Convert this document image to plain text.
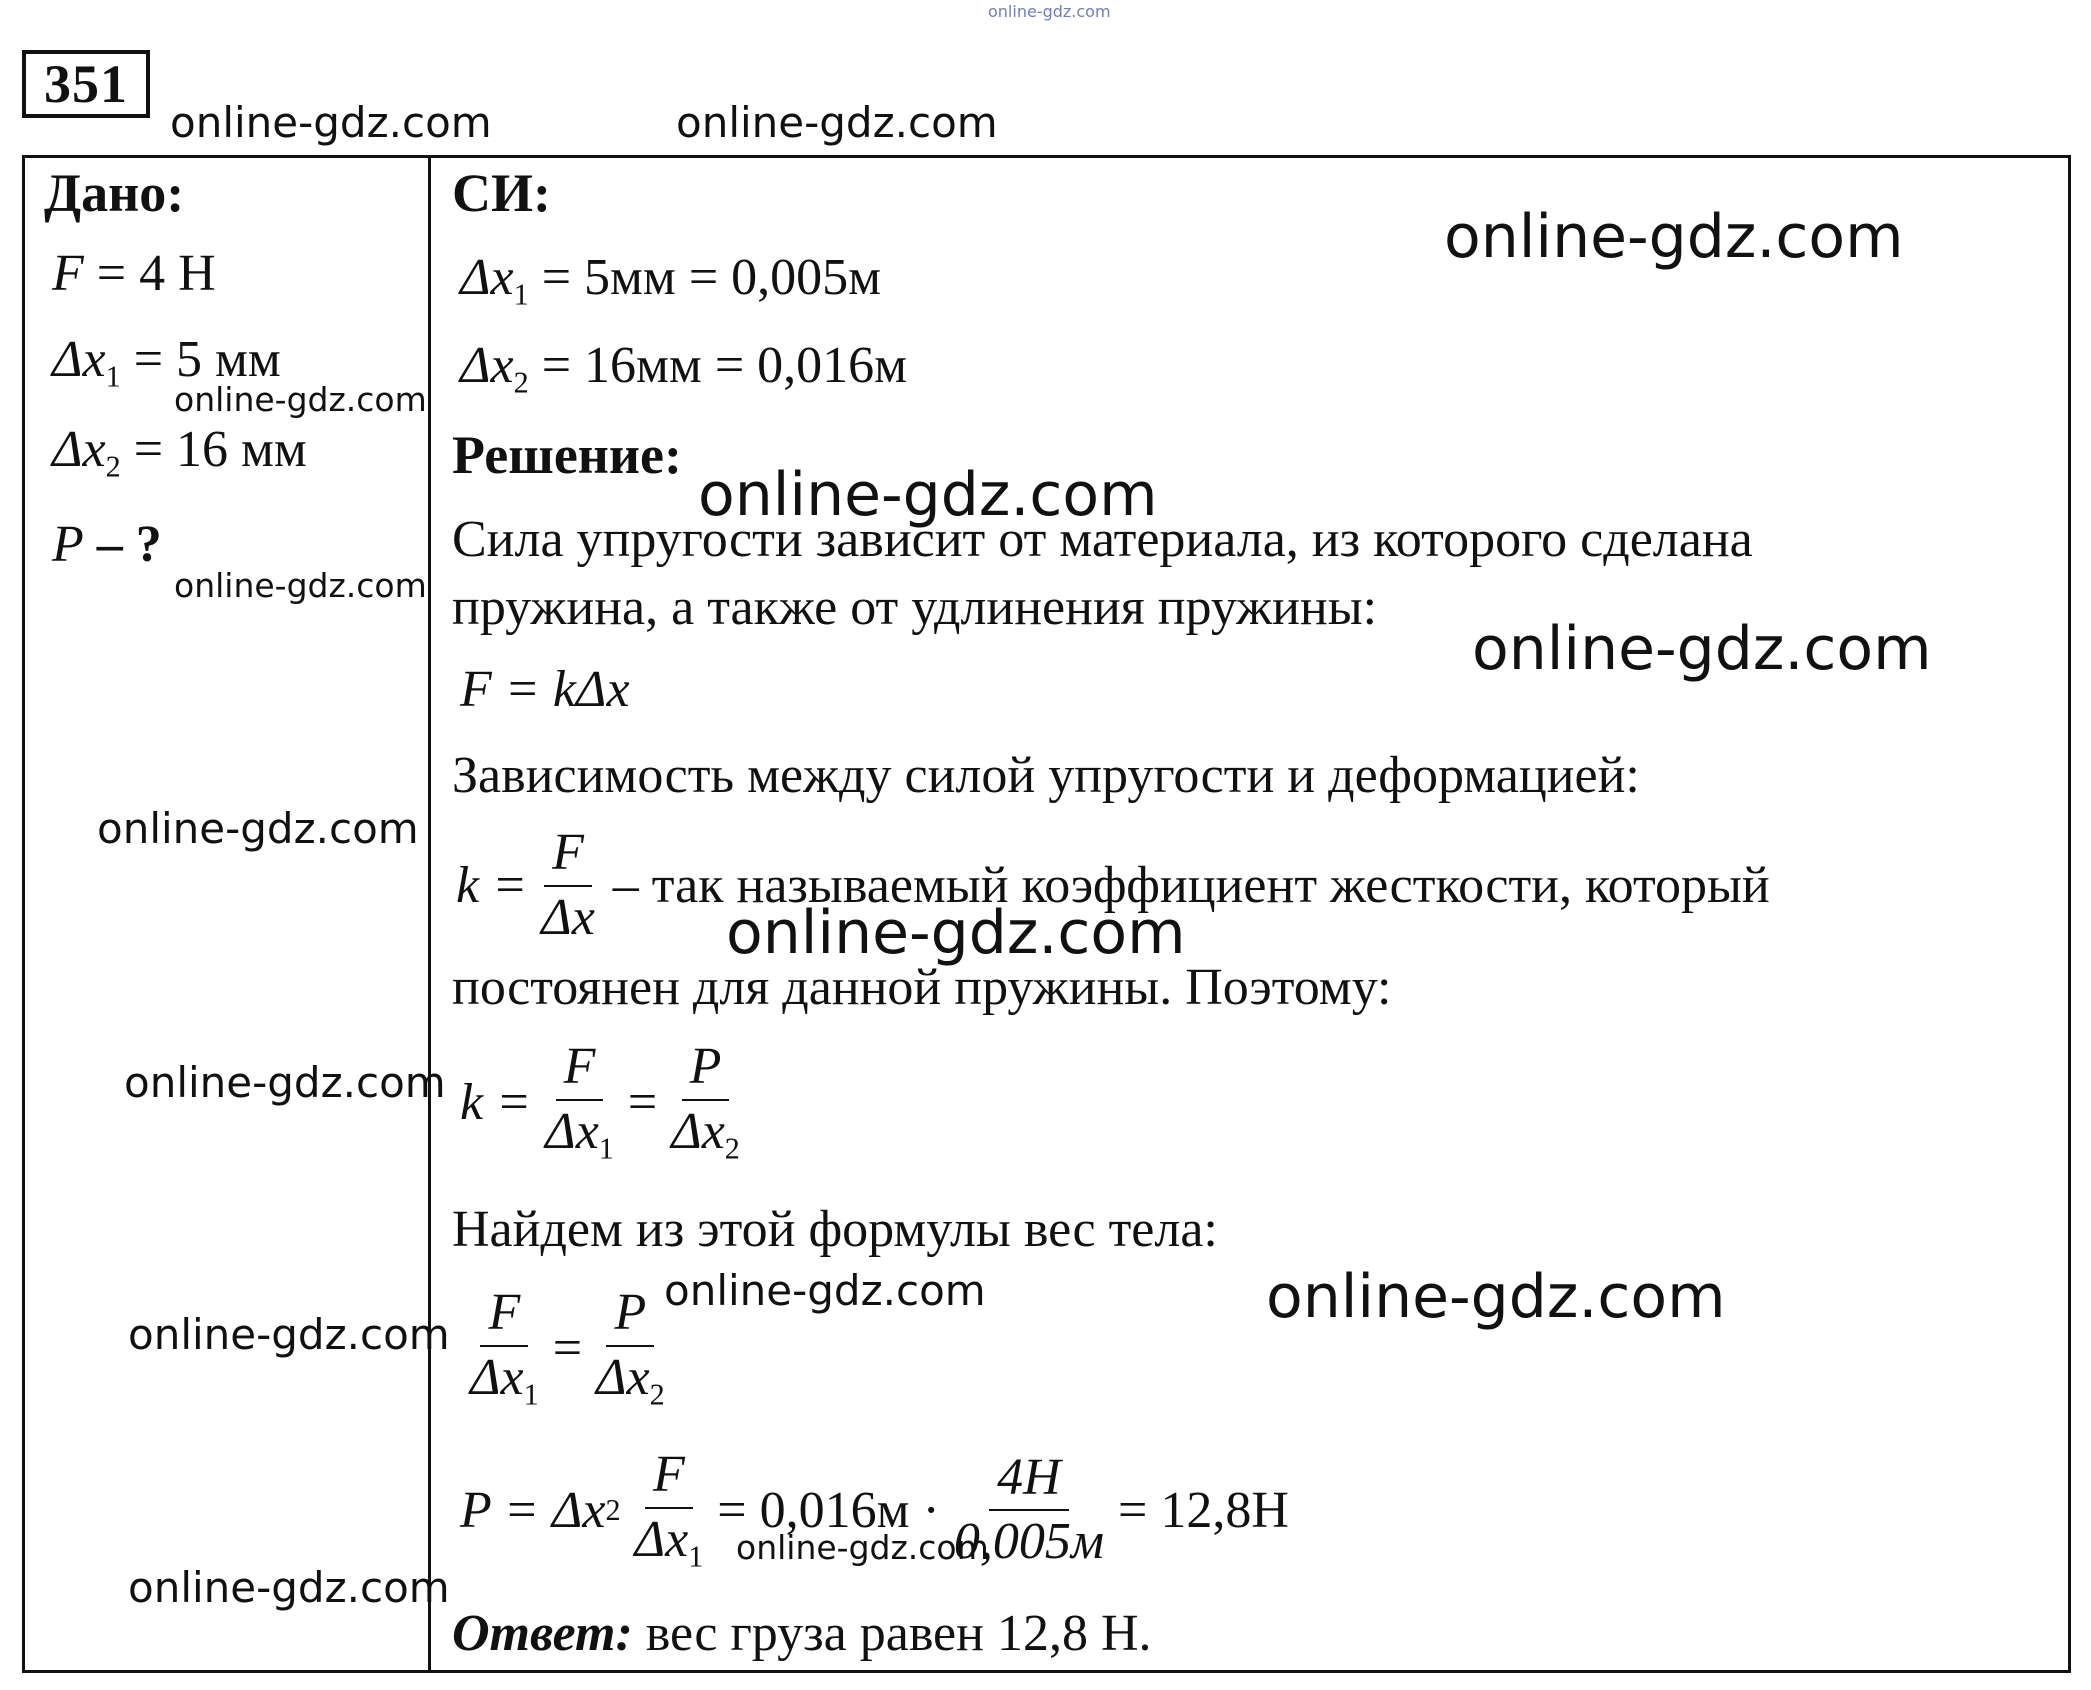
online-gdz.com
351
online-gdz.com	online-gdz.com
Дано:
F = 4 Н
$\Delta x_1 = 5$ мм
online-gdz.com
$\Delta x_2 = 16$ мм
P – ?
online-gdz.com
online-gdz.com
online-gdz.com
online-gdz.com
online-gdz.com
СИ:
online-gdz.com
$\Delta x_1 = 5мм = 0,005м$
$\Delta x_2 = 16мм = 0,016м$
Решение:
online-gdz.com
Сила упругости зависит от материала, из которого сделана
пружина, а также от удлинения пружины:
online-gdz.com
F = kΔx
Зависимость между силой упругости и деформацией:
$k = \frac{F}{\Delta x}$ – так называемый коэффициент жесткости, который
online-gdz.com
постоянен для данной пружины. Поэтому:
$k = \frac{F}{\Delta x_1} = \frac{P}{\Delta x_2}$
Найдем из этой формулы вес тела:
online-gdz.com	online-gdz.com
$\frac{F}{\Delta x_1} = \frac{P}{\Delta x_2}$
P = Δx $2 \frac{F}{\Delta x_1} = 0,016м \cdot \frac{4Н}{0,005м} = 12,8Н$
online-gdz.com
Ответ: вес груза равен 12,8 Н.
